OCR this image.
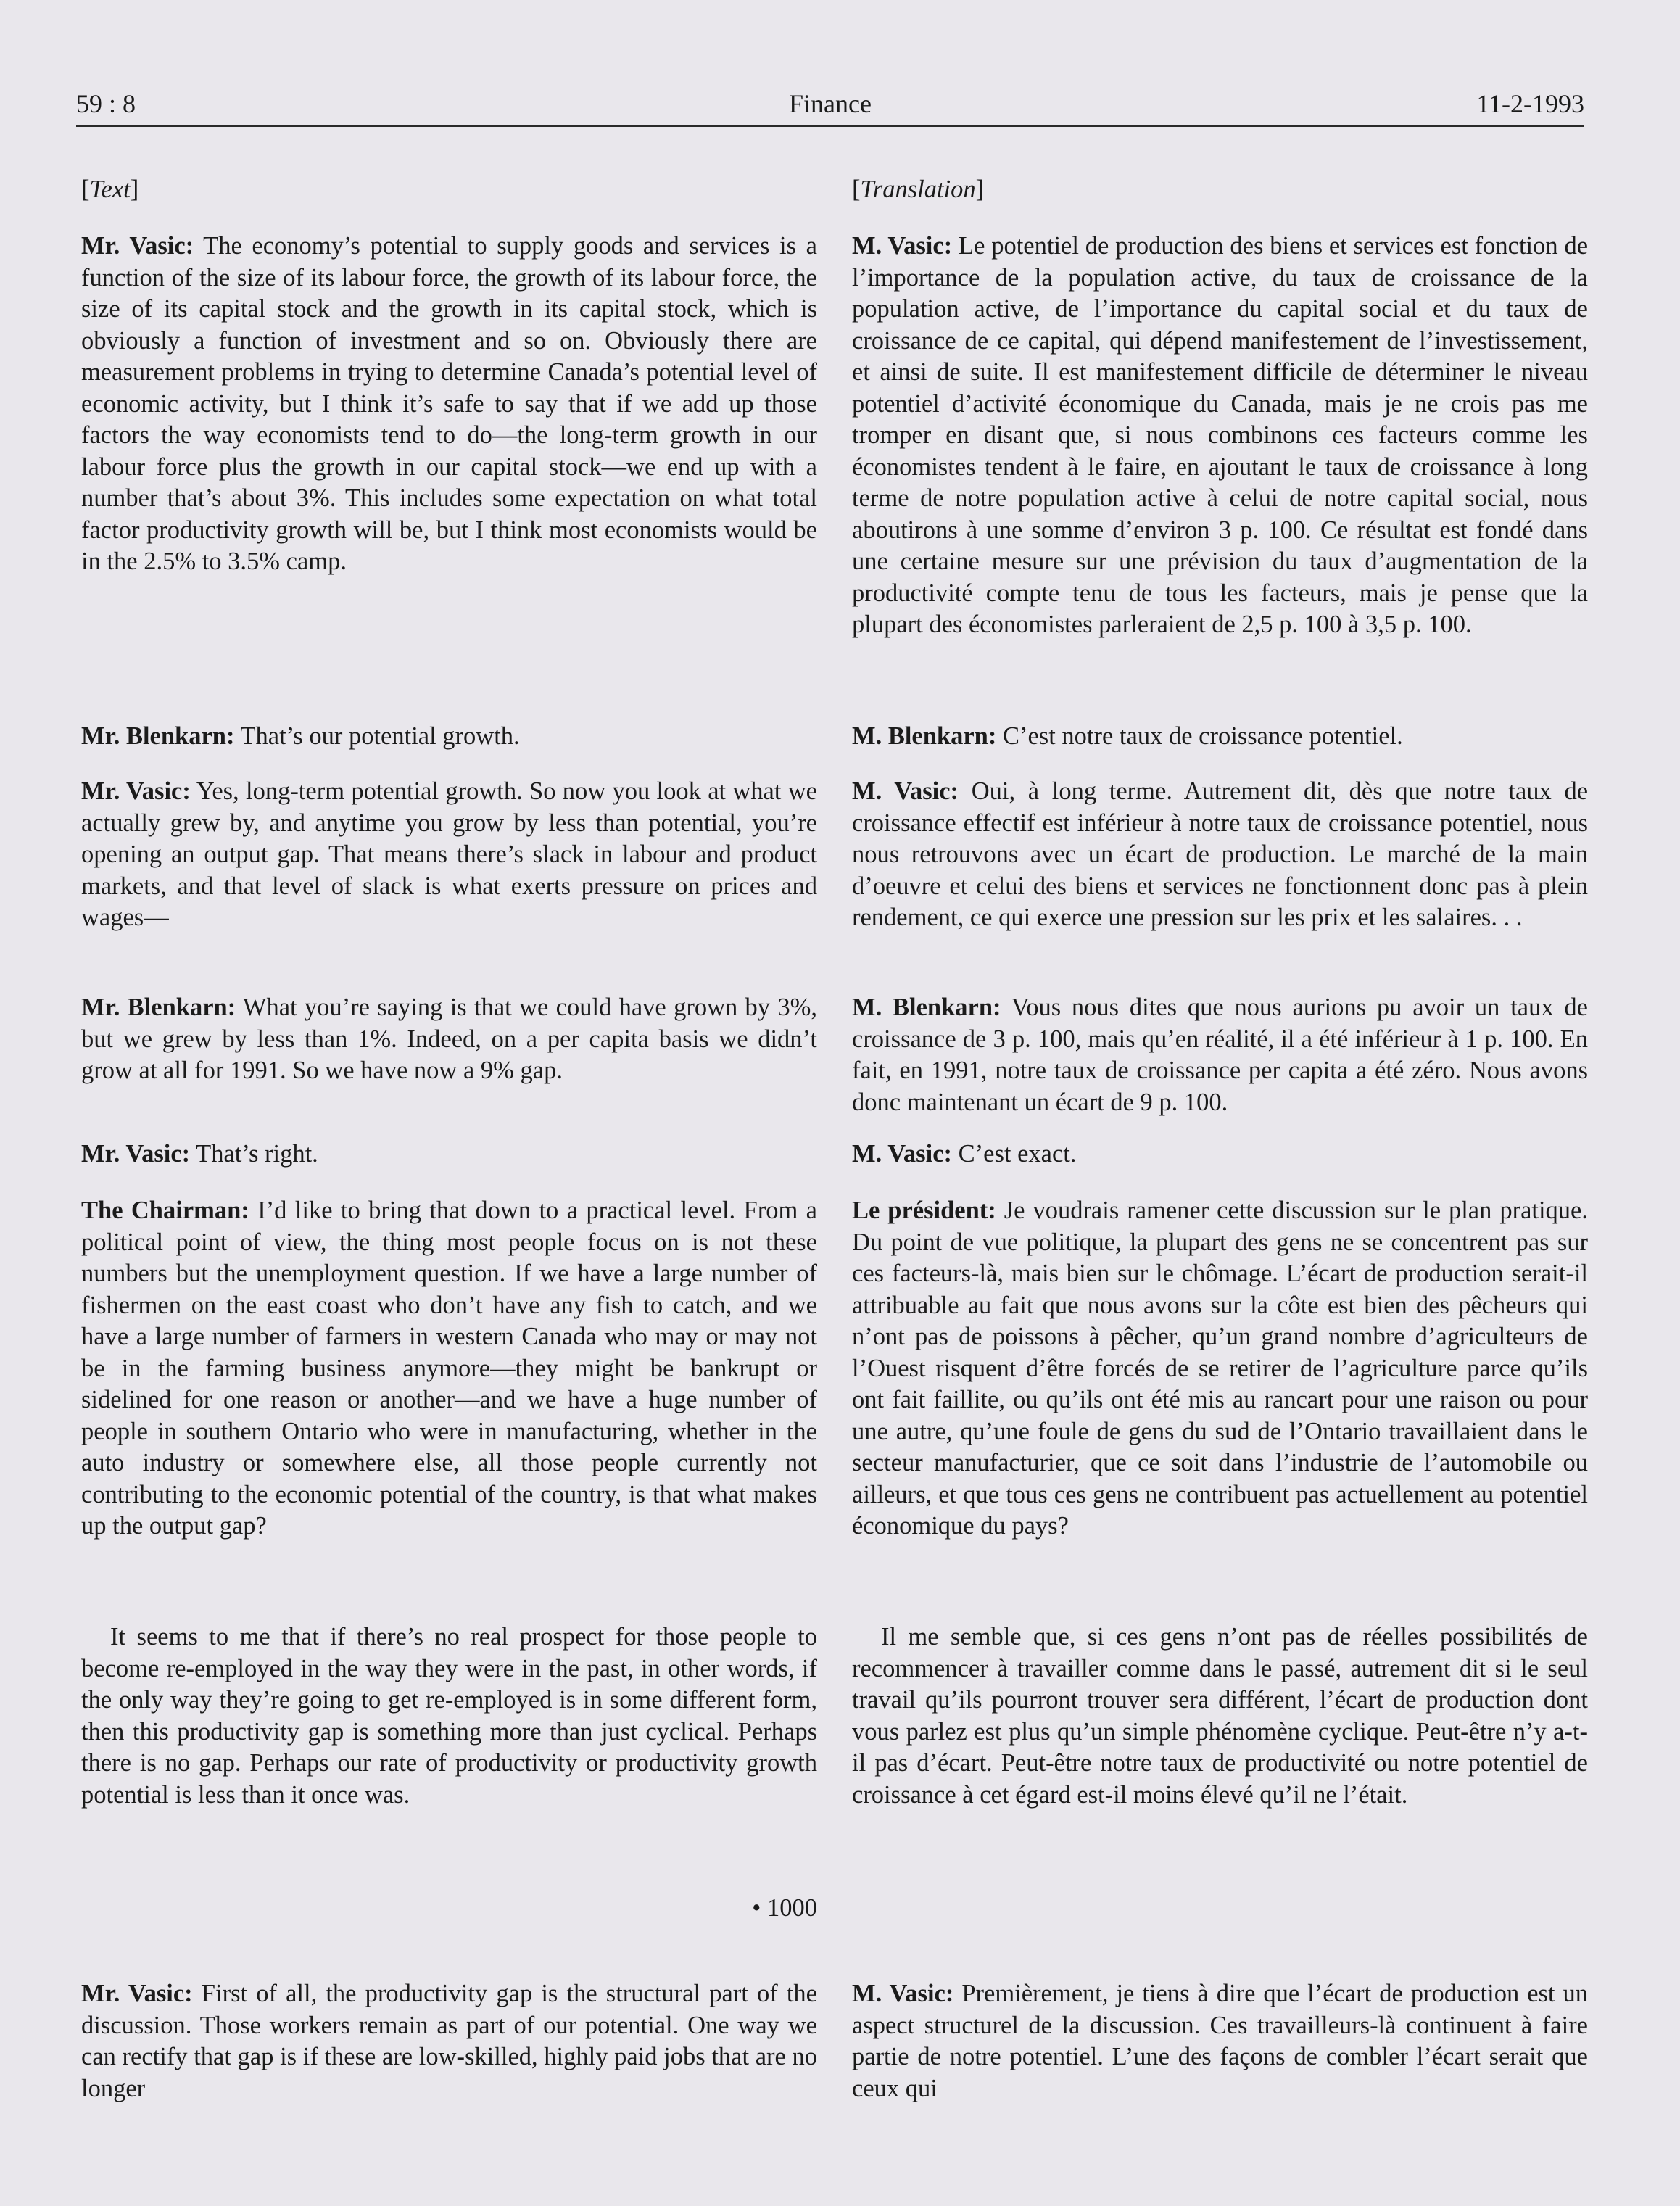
59 : 8	Finance	11-2-1993
[Text]

Mr. Vasic: The economy’s potential to supply goods and services is a function of the size of its labour force, the growth of its labour force, the size of its capital stock and the growth in its capital stock, which is obviously a function of investment and so on. Obviously there are measurement problems in trying to determine Canada’s potential level of economic activity, but I think it’s safe to say that if we add up those factors the way economists tend to do—the long-term growth in our labour force plus the growth in our capital stock—we end up with a number that’s about 3%. This includes some expectation on what total factor productivity growth will be, but I think most economists would be in the 2.5% to 3.5% camp.

Mr. Blenkarn: That’s our potential growth.

Mr. Vasic: Yes, long-term potential growth. So now you look at what we actually grew by, and anytime you grow by less than potential, you’re opening an output gap. That means there’s slack in labour and product markets, and that level of slack is what exerts pressure on prices and wages—

Mr. Blenkarn: What you’re saying is that we could have grown by 3%, but we grew by less than 1%. Indeed, on a per capita basis we didn’t grow at all for 1991. So we have now a 9% gap.

Mr. Vasic: That’s right.

The Chairman: I’d like to bring that down to a practical level. From a political point of view, the thing most people focus on is not these numbers but the unemployment question. If we have a large number of fishermen on the east coast who don’t have any fish to catch, and we have a large number of farmers in western Canada who may or may not be in the farming business anymore—they might be bankrupt or sidelined for one reason or another—and we have a huge number of people in southern Ontario who were in manufacturing, whether in the auto industry or somewhere else, all those people currently not contributing to the economic potential of the country, is that what makes up the output gap?

It seems to me that if there’s no real prospect for those people to become re-employed in the way they were in the past, in other words, if the only way they’re going to get re-employed is in some different form, then this productivity gap is something more than just cyclical. Perhaps there is no gap. Perhaps our rate of productivity or productivity growth potential is less than it once was.

• 1000

Mr. Vasic: First of all, the productivity gap is the structural part of the discussion. Those workers remain as part of our potential. One way we can rectify that gap is if these are low-skilled, highly paid jobs that are no longer

[Translation]

M. Vasic: Le potentiel de production des biens et services est fonction de l’importance de la population active, du taux de croissance de la population active, de l’importance du capital social et du taux de croissance de ce capital, qui dépend manifestement de l’investissement, et ainsi de suite. Il est manifestement difficile de déterminer le niveau potentiel d’activité économique du Canada, mais je ne crois pas me tromper en disant que, si nous combinons ces facteurs comme les économistes tendent à le faire, en ajoutant le taux de croissance à long terme de notre population active à celui de notre capital social, nous aboutirons à une somme d’environ 3 p. 100. Ce résultat est fondé dans une certaine mesure sur une prévision du taux d’augmentation de la productivité compte tenu de tous les facteurs, mais je pense que la plupart des économistes parleraient de 2,5 p. 100 à 3,5 p. 100.

M. Blenkarn: C’est notre taux de croissance potentiel.

M. Vasic: Oui, à long terme. Autrement dit, dès que notre taux de croissance effectif est inférieur à notre taux de croissance potentiel, nous nous retrouvons avec un écart de production. Le marché de la main d’oeuvre et celui des biens et services ne fonctionnent donc pas à plein rendement, ce qui exerce une pression sur les prix et les salaires. . .

M. Blenkarn: Vous nous dites que nous aurions pu avoir un taux de croissance de 3 p. 100, mais qu’en réalité, il a été inférieur à 1 p. 100. En fait, en 1991, notre taux de croissance per capita a été zéro. Nous avons donc maintenant un écart de 9 p. 100.

M. Vasic: C’est exact.

Le président: Je voudrais ramener cette discussion sur le plan pratique. Du point de vue politique, la plupart des gens ne se concentrent pas sur ces facteurs-là, mais bien sur le chômage. L’écart de production serait-il attribuable au fait que nous avons sur la côte est bien des pêcheurs qui n’ont pas de poissons à pêcher, qu’un grand nombre d’agriculteurs de l’Ouest risquent d’être forcés de se retirer de l’agriculture parce qu’ils ont fait faillite, ou qu’ils ont été mis au rancart pour une raison ou pour une autre, qu’une foule de gens du sud de l’Ontario travaillaient dans le secteur manufacturier, que ce soit dans l’industrie de l’automobile ou ailleurs, et que tous ces gens ne contribuent pas actuellement au potentiel économique du pays?

Il me semble que, si ces gens n’ont pas de réelles possibilités de recommencer à travailler comme dans le passé, autrement dit si le seul travail qu’ils pourront trouver sera différent, l’écart de production dont vous parlez est plus qu’un simple phénomène cyclique. Peut-être n’y a-t-il pas d’écart. Peut-être notre taux de productivité ou notre potentiel de croissance à cet égard est-il moins élevé qu’il ne l’était.

M. Vasic: Premièrement, je tiens à dire que l’écart de production est un aspect structurel de la discussion. Ces travailleurs-là continuent à faire partie de notre potentiel. L’une des façons de combler l’écart serait que ceux qui
